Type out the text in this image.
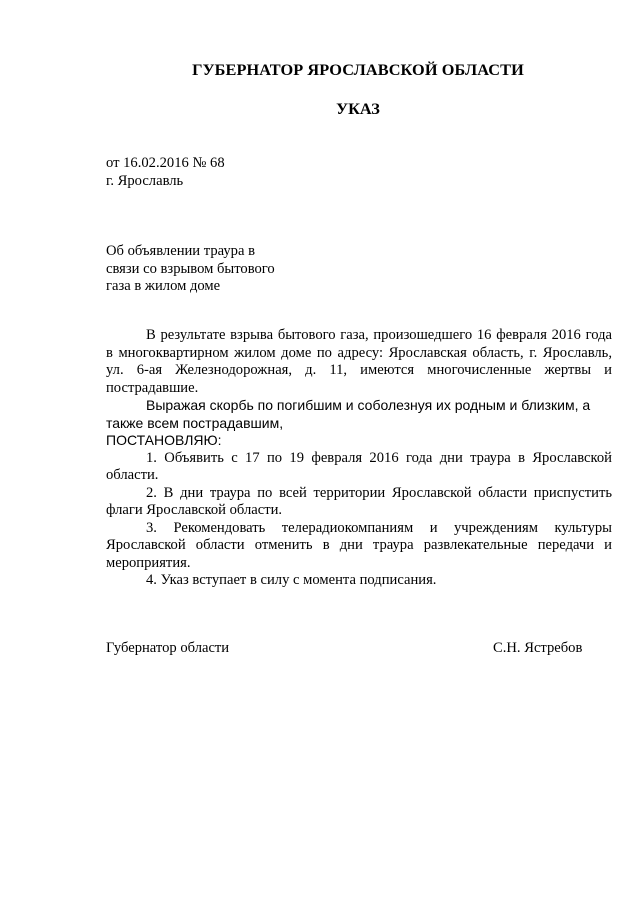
ГУБЕРНАТОР ЯРОСЛАВСКОЙ ОБЛАСТИ
УКАЗ
от 16.02.2016 № 68
г. Ярославль
Об объявлении траура в
связи со взрывом бытового
газа в жилом доме

В результате взрыва бытового газа, произошедшего 16 февраля 2016 года в многоквартирном жилом доме по адресу: Ярославская область, г. Ярославль, ул. 6-ая Железнодорожная, д. 11, имеются многочисленные жертвы и пострадавшие.

Выражая скорбь по погибшим и соболезнуя их родным и близким, а также всем пострадавшим,

ПОСТАНОВЛЯЮ:

1. Объявить с 17 по 19 февраля 2016 года дни траура в Ярославской области.

2. В дни траура по всей территории Ярославской области приспустить флаги Ярославской области.

3. Рекомендовать телерадиокомпаниям и учреждениям культуры Ярославской области отменить в дни траура развлекательные передачи и мероприятия.

4. Указ вступает в силу с момента подписания.

Губернатор области	С.Н. Ястребов
